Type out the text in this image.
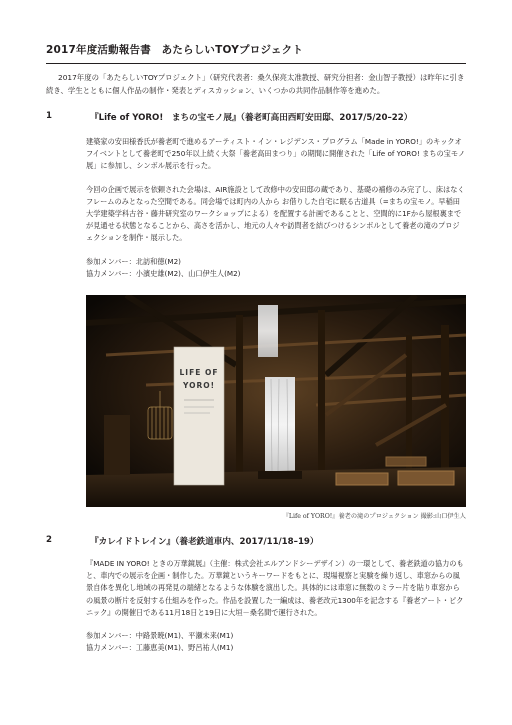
2017年度活動報告書　あたらしいTOYプロジェクト
2017年度の「あたらしいTOYプロジェクト」（研究代表者：桑久保亮太准教授、研究分担者：金山智子教授）は昨年に引き続き、学生とともに個人作品の制作・発表とディスカッション、いくつかの共同作品制作等を進めた。
1	『Life of YORO!　まちの宝モノ展』（養老町高田西町安田邸、2017/5/20–22）

建築家の安田様香氏が養老町で進めるアーティスト・イン・レジデンス・プログラム「Made in YORO!」のキックオフイベントとして養老町で250年以上続く大祭「養老高田まつり」の期間に開催された「Life of YORO! まちの宝モノ展」に参加し、シンボル展示を行った。

今回の企画で展示を依頼された会場は、AIR施設として改修中の安田邸の蔵であり、基礎の補修のみ完了し、床はなくフレームのみとなった空間である。同会場では町内の人から お借りした自宅に眠る古道具（=まちの宝モノ。早稲田大学建築学科古谷・藤井研究室のワークショップによる）を配置する計画であることと、空間的に1Fから屋根裏まで が見通せる状態となることから、高さを活かし、地元の人々や訪問者を結びつけるシンボルとして養老の滝のプロジェクションを制作・展示した。

参加メンバー：北訪和徳(M2)

協力メンバー：小濱史雄(M2)、山口伊生人(M2)

LIFE OF
YORO!
『Life of YORO!』養老の滝のプロジェクション 撮影:山口伊生人
2	『カレイドトレイン』（養老鉄道車内、2017/11/18–19）

『MADE IN YORO! ときの万華鏡展』（主催：株式会社エルアンドシーデザイン）の一環として、養老鉄道の協力のもと、車内での展示を企画・制作した。万華鏡というキーワードをもとに、現場視察と実験を繰り返し、車窓からの風景自体を異化し地域の再発見の端緒となるような体験を演出した。具体的には車窓に無数のミラー片を貼り車窓からの風景の断片を反射する仕組みを作った。作品を設置した一編成は、養老改元1300年を記念する『養老アート・ピクニック』の開催日である11月18日と19日に大垣－桑名間で運行された。

参加メンバー：中路景暁(M1)、平瀬未来(M1)

協力メンバー：工藤恵美(M1)、野呂祐人(M1)
